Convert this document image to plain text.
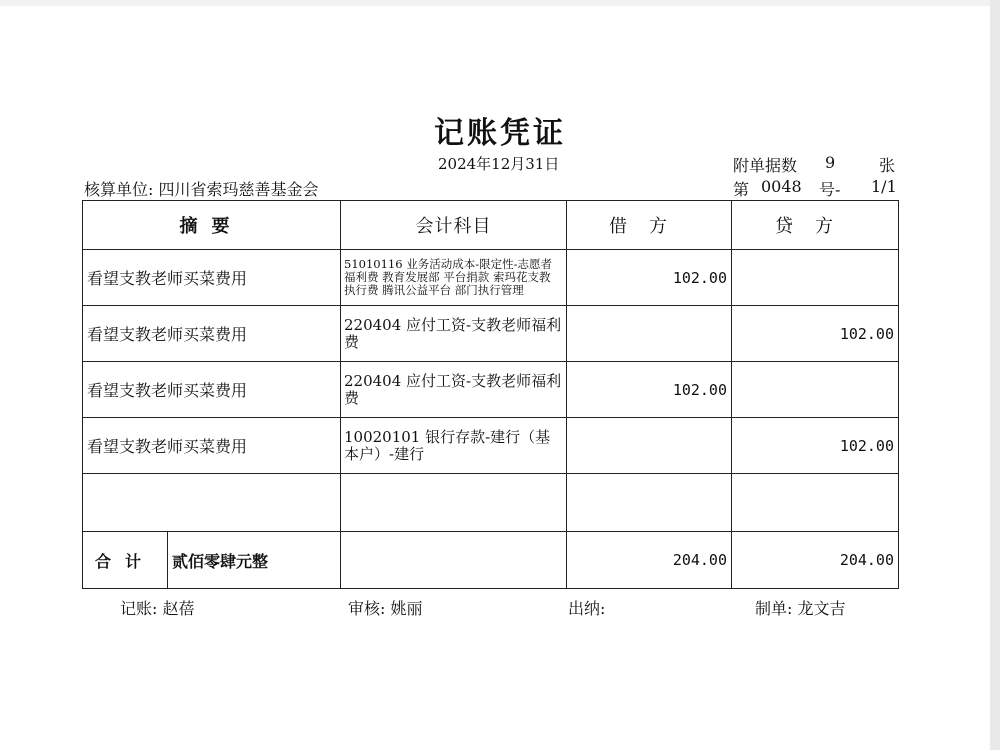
记账凭证
2024年12月31日	附单据数 9	张
核算单位: 四川省索玛慈善基金会	第 0048 号- 1/1
摘要	会计科目	借方	贷方
看望支教老师买菜费用	51010116 业务活动成本-限定性-志愿者福利费 教育发展部 平台捐款 索玛花支教 执行费 腾讯公益平台 部门执行管理	102.00	
看望支教老师买菜费用	220404 应付工资-支教老师福利费		102.00
看望支教老师买菜费用	220404 应付工资-支教老师福利费	102.00	
看望支教老师买菜费用	10020101 银行存款-建行（基本户）-建行		102.00

合计 贰佰零肆元整		204.00	204.00
记账: 赵蓓	审核: 姚丽	出纳:	制单: 龙文吉
